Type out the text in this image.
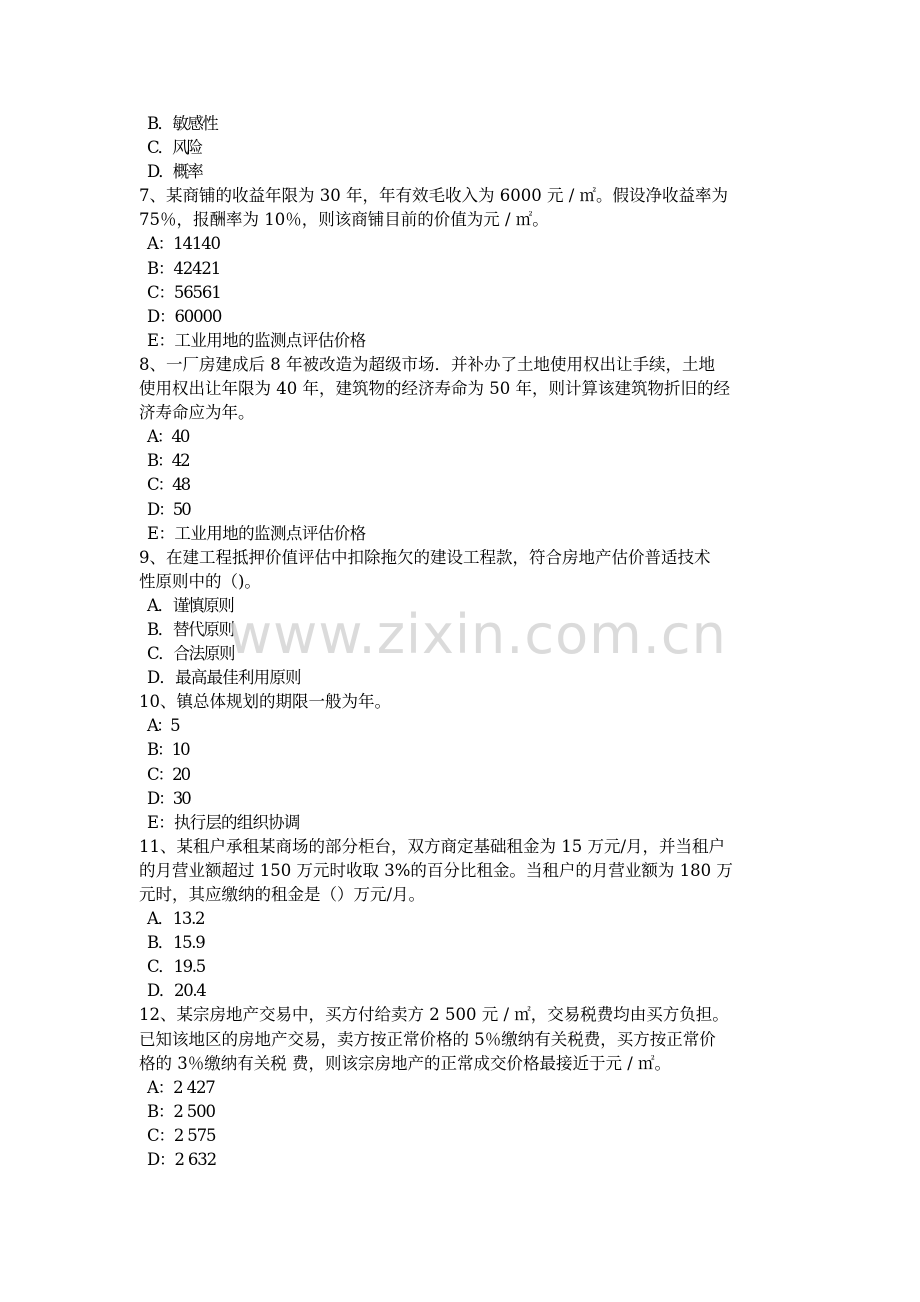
B．敏感性
C．风险
D．概率
7、某商铺的收益年限为 30 年，年有效毛收入为 6000 元 / ㎡。假设净收益率为
75％，报酬率为 10％，则该商铺目前的价值为元 / ㎡。
A：14140
B：42421
C：56561
D：60000
E：工业用地的监测点评估价格
8、一厂房建成后 8 年被改造为超级市场．并补办了土地使用权出让手续，土地
使用权出让年限为 40 年，建筑物的经济寿命为 50 年，则计算该建筑物折旧的经
济寿命应为年。
A：40
B：42
C：48
D：50
E：工业用地的监测点评估价格
9、在建工程抵押价值评估中扣除拖欠的建设工程款，符合房地产估价普适技术
性原则中的（)。
A．谨慎原则
B．替代原则
C．合法原则
D．最高最佳利用原则
10、镇总体规划的期限一般为年。
A：5
B：10
C：20
D：30
E：执行层的组织协调
11、某租户承租某商场的部分柜台，双方商定基础租金为 15 万元/月，并当租户
的月营业额超过 150 万元时收取 3%的百分比租金。当租户的月营业额为 180 万
元时，其应缴纳的租金是（）万元/月。
A．13.2
B．15.9
C．19.5
D．20.4
12、某宗房地产交易中，买方付给卖方 2 500 元 / ㎡，交易税费均由买方负担。
已知该地区的房地产交易，卖方按正常价格的 5％缴纳有关税费，买方按正常价
格的 3％缴纳有关税 费，则该宗房地产的正常成交价格最接近于元 / ㎡。
A：2 427
B：2 500
C：2 575
D：2 632
www.zixin.com.cn
